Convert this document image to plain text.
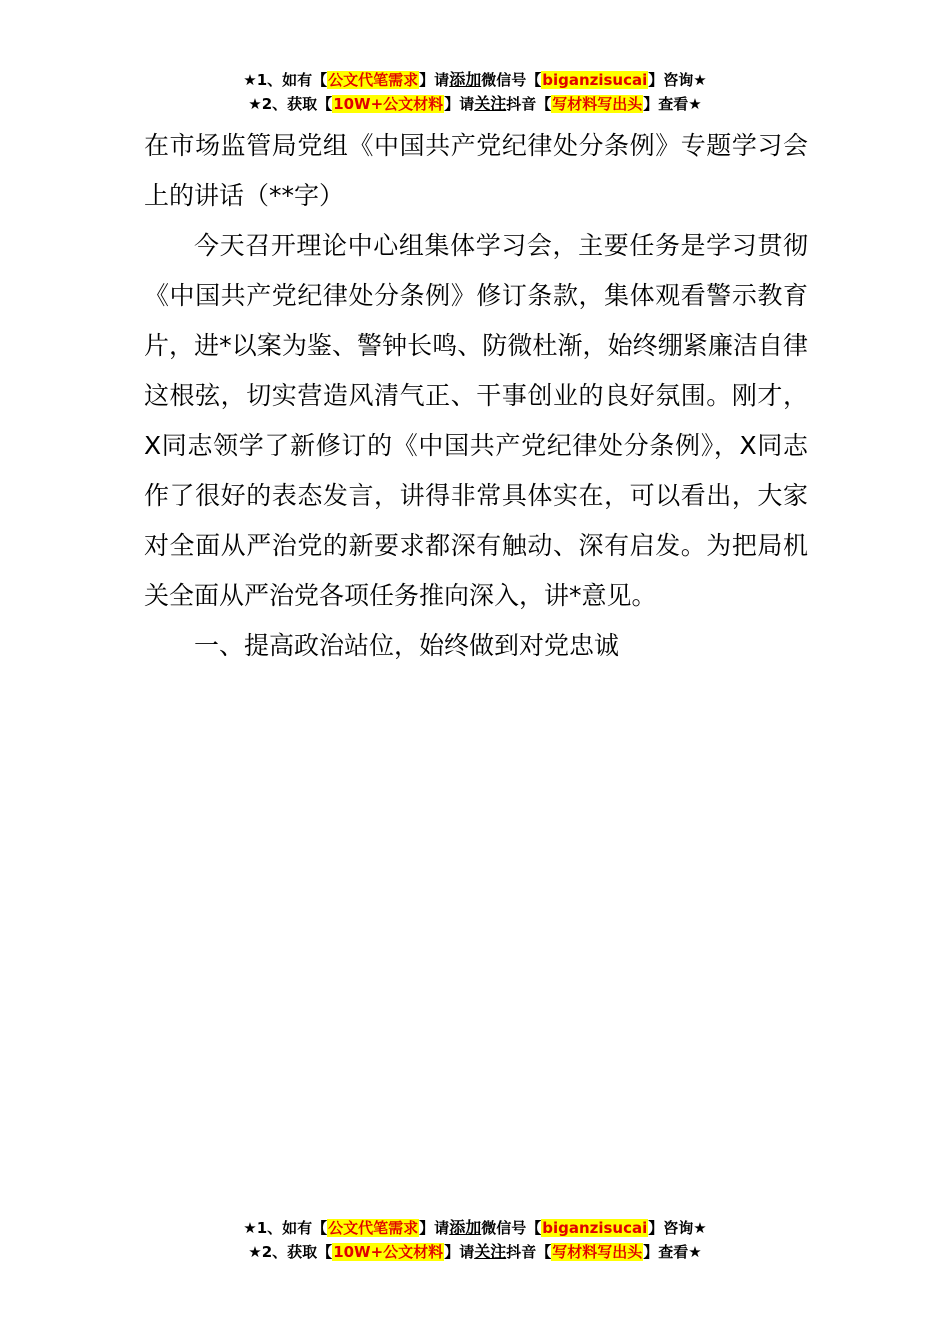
★1、如有【公文代笔需求】请添加微信号【biganzisucai】咨询★
★2、获取【10W+公文材料】请关注抖音【写材料写出头】查看★

在市场监管局党组《中国共产党纪律处分条例》专题学习会上的讲话（**字）

今天召开理论中心组集体学习会，主要任务是学习贯彻《中国共产党纪律处分条例》修订条款，集体观看警示教育片，进*以案为鉴、警钟长鸣、防微杜渐，始终绷紧廉洁自律这根弦，切实营造风清气正、干事创业的良好氛围。刚才，X同志领学了新修订的《中国共产党纪律处分条例》，X同志作了很好的表态发言，讲得非常具体实在，可以看出，大家对全面从严治党的新要求都深有触动、深有启发。为把局机关全面从严治党各项任务推向深入，讲*意见。

一、提高政治站位，始终做到对党忠诚

★1、如有【公文代笔需求】请添加微信号【biganzisucai】咨询★
★2、获取【10W+公文材料】请关注抖音【写材料写出头】查看★
